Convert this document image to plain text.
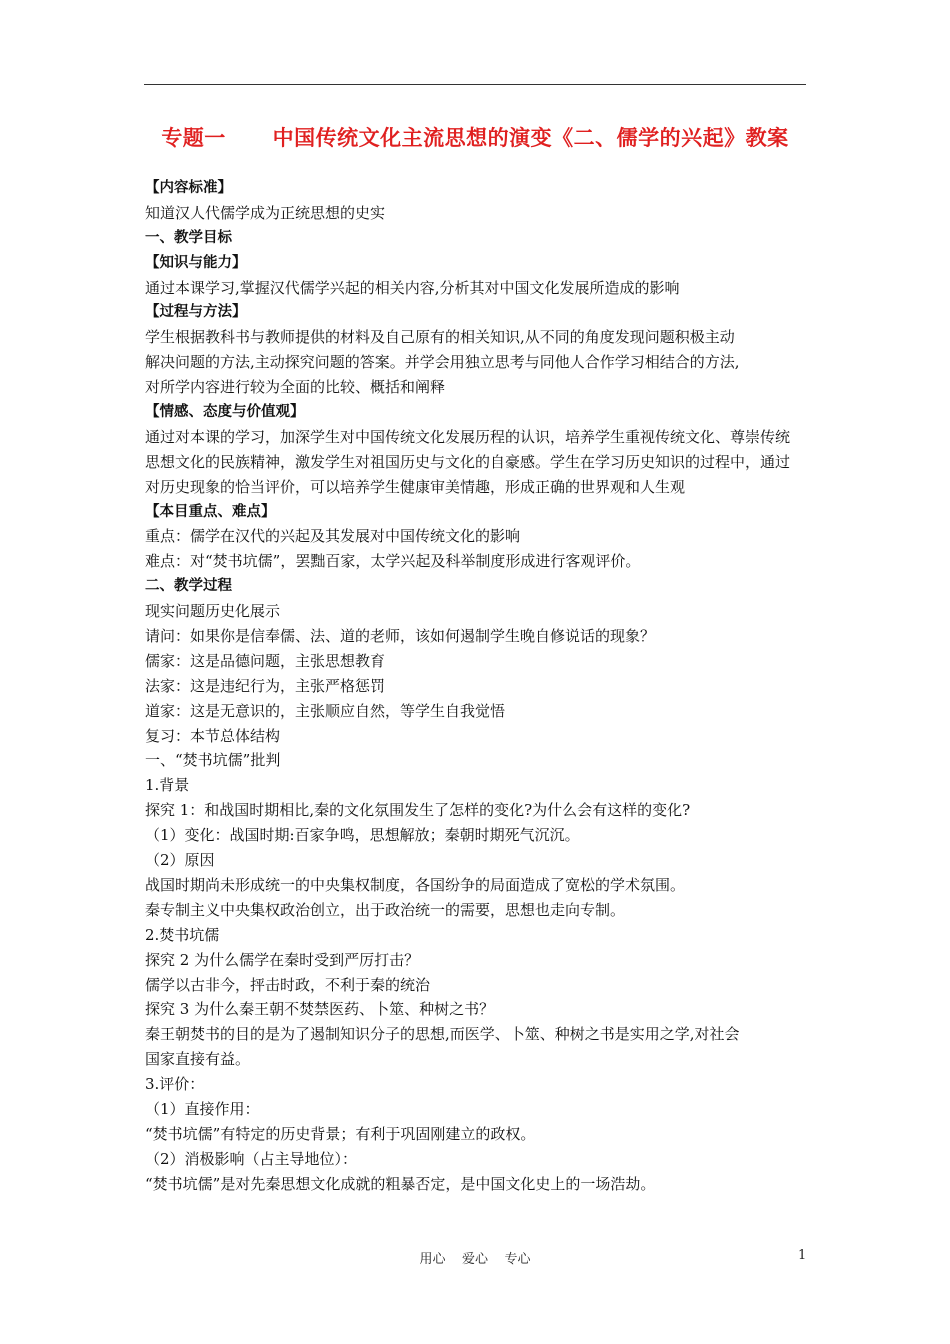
专题一      中国传统文化主流思想的演变《二、儒学的兴起》教案
【内容标准】
知道汉人代儒学成为正统思想的史实
一、教学目标
【知识与能力】
通过本课学习,掌握汉代儒学兴起的相关内容,分析其对中国文化发展所造成的影响
【过程与方法】
学生根据教科书与教师提供的材料及自己原有的相关知识,从不同的角度发现问题积极主动
解决问题的方法,主动探究问题的答案。并学会用独立思考与同他人合作学习相结合的方法,
对所学内容进行较为全面的比较、概括和阐释
【情感、态度与价值观】
通过对本课的学习，加深学生对中国传统文化发展历程的认识，培养学生重视传统文化、尊崇传统
思想文化的民族精神，激发学生对祖国历史与文化的自豪感。学生在学习历史知识的过程中，通过
对历史现象的恰当评价，可以培养学生健康审美情趣，形成正确的世界观和人生观
【本目重点、难点】
重点：儒学在汉代的兴起及其发展对中国传统文化的影响
难点：对“焚书坑儒”，罢黜百家，太学兴起及科举制度形成进行客观评价。
二、教学过程
现实问题历史化展示
请问：如果你是信奉儒、法、道的老师，该如何遏制学生晚自修说话的现象？
儒家：这是品德问题，主张思想教育
法家：这是违纪行为，主张严格惩罚
道家：这是无意识的，主张顺应自然，等学生自我觉悟
复习：本节总体结构
一、“焚书坑儒”批判
1.背景
探究 1：和战国时期相比,秦的文化氛围发生了怎样的变化?为什么会有这样的变化?
（1）变化：战国时期:百家争鸣，思想解放；秦朝时期死气沉沉。
（2）原因
战国时期尚未形成统一的中央集权制度，各国纷争的局面造成了宽松的学术氛围。
秦专制主义中央集权政治创立，出于政治统一的需要，思想也走向专制。
2.焚书坑儒
探究 2 为什么儒学在秦时受到严厉打击？
儒学以古非今，抨击时政，不利于秦的统治
探究 3 为什么秦王朝不焚禁医药、卜筮、种树之书？
秦王朝焚书的目的是为了遏制知识分子的思想,而医学、卜筮、种树之书是实用之学,对社会
国家直接有益。
3.评价：
（1）直接作用：
“焚书坑儒”有特定的历史背景；有利于巩固刚建立的政权。
（2）消极影响（占主导地位）：
“焚书坑儒”是对先秦思想文化成就的粗暴否定，是中国文化史上的一场浩劫。
用心    爱心    专心	1
